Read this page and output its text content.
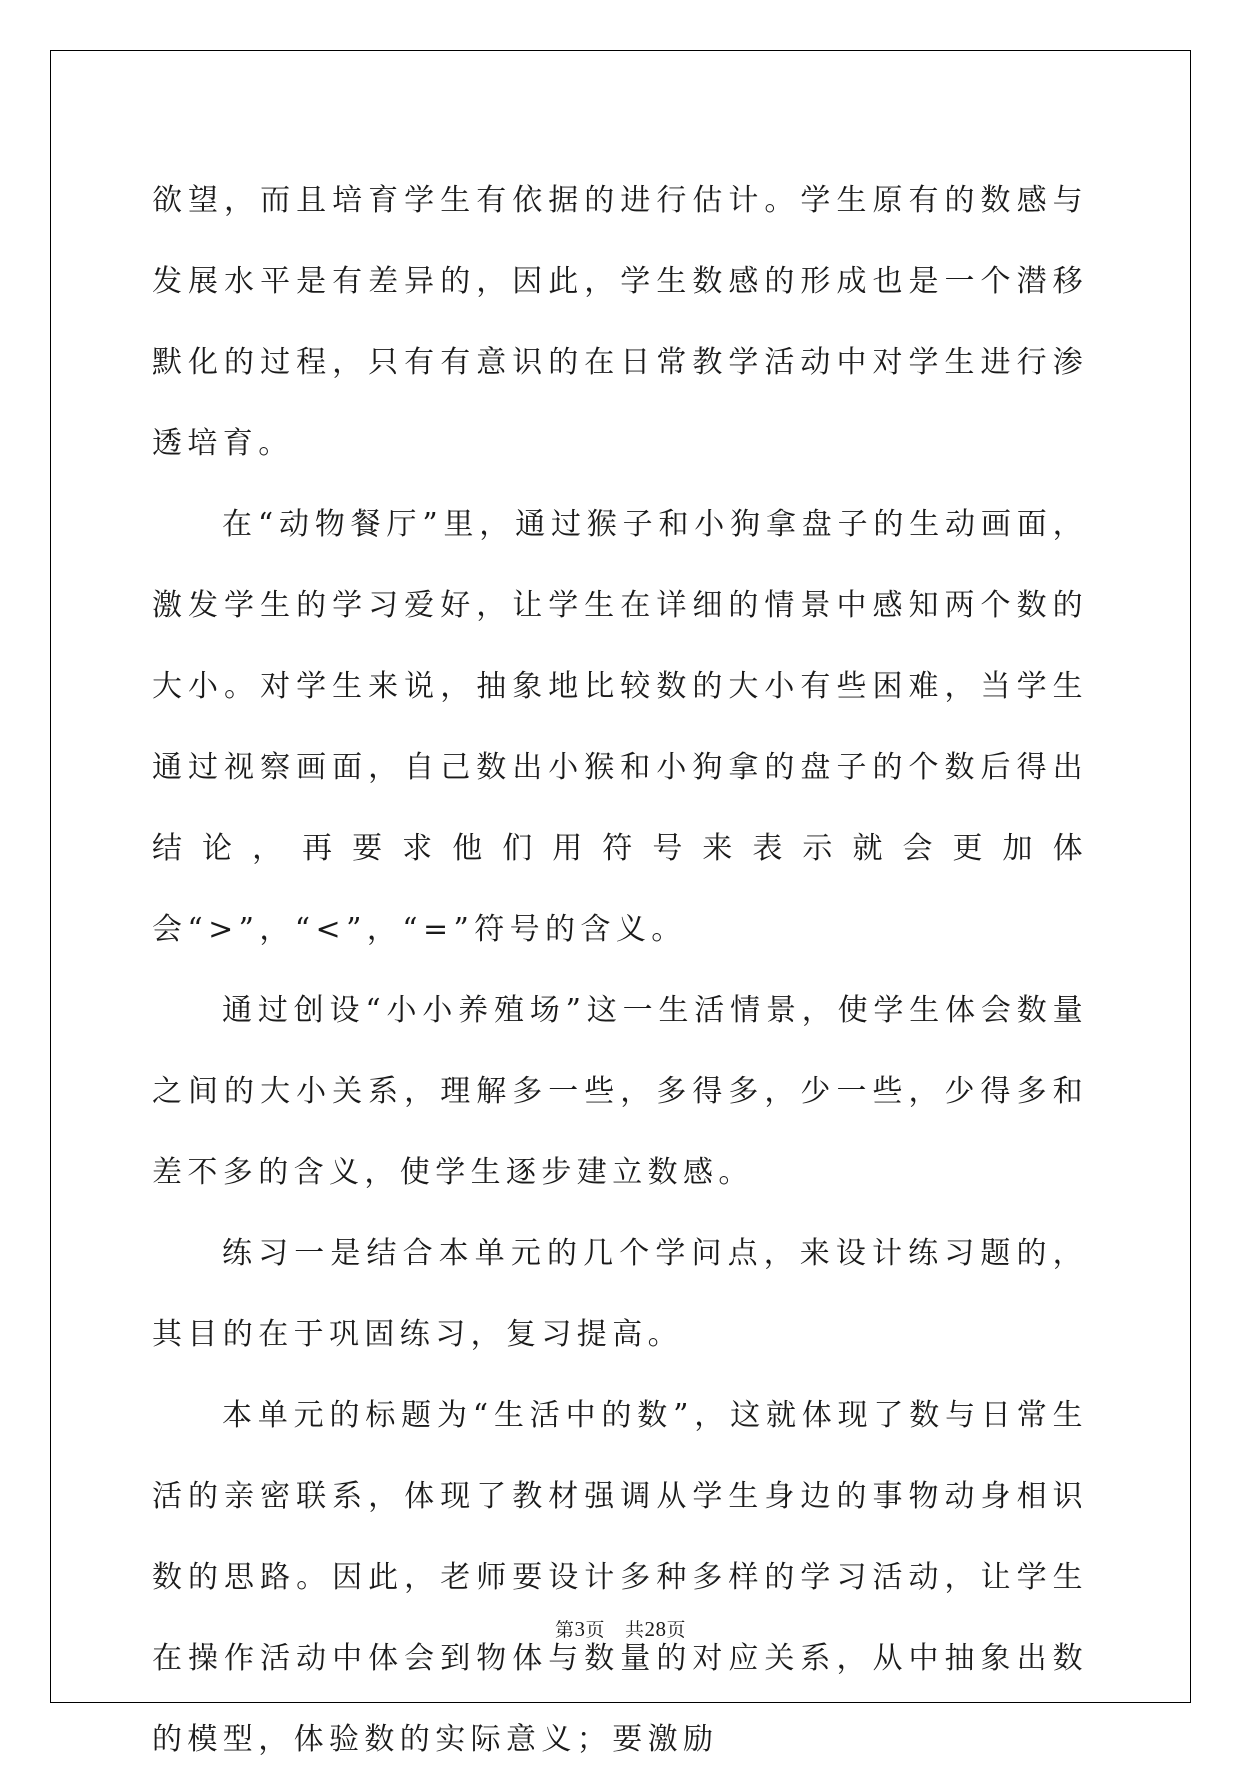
欲望，而且培育学生有依据的进行估计。学生原有的数感与发展水平是有差异的，因此，学生数感的形成也是一个潜移默化的过程，只有有意识的在日常教学活动中对学生进行渗透培育。

在“动物餐厅”里，通过猴子和小狗拿盘子的生动画面，激发学生的学习爱好，让学生在详细的情景中感知两个数的大小。对学生来说，抽象地比较数的大小有些困难，当学生通过视察画面，自己数出小猴和小狗拿的盘子的个数后得出结论，再要求他们用符号来表示就会更加体会“>”，“<”，“=”符号的含义。

通过创设“小小养殖场”这一生活情景，使学生体会数量之间的大小关系，理解多一些，多得多，少一些，少得多和差不多的含义，使学生逐步建立数感。

练习一是结合本单元的几个学问点，来设计练习题的，其目的在于巩固练习，复习提高。

本单元的标题为“生活中的数”，这就体现了数与日常生活的亲密联系，体现了教材强调从学生身边的事物动身相识数的思路。因此，老师要设计多种多样的学习活动，让学生在操作活动中体会到物体与数量的对应关系，从中抽象出数的模型，体验数的实际意义；要激励

第3页 共28页
